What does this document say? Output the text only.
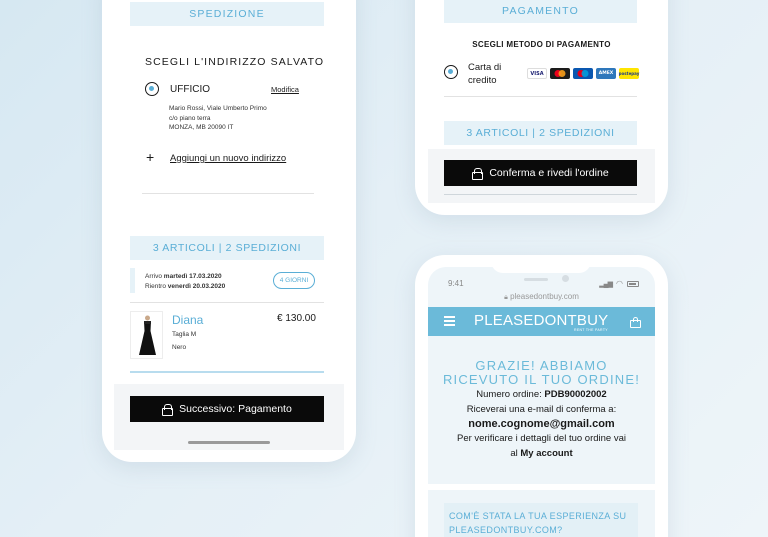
SPEDIZIONE
SCEGLI L'INDIRIZZO SALVATO
UFFICIO	Modifica
Mario Rossi, Viale Umberto Primo
c/o piano terra
MONZA, MB 20090 IT
+ Aggiungi un nuovo indirizzo
3 ARTICOLI | 2 SPEDIZIONI
Arrivo martedì 17.03.2020
Rientro venerdì 20.03.2020
4 GIORNI
Diana
Taglia M
Nero
€ 130.00
Successivo: Pagamento
PAGAMENTO
SCEGLI METODO DI PAGAMENTO
Carta di
credito
VISA	AMEX	postepay
3 ARTICOLI | 2 SPEDIZIONI
Conferma e rivedi l'ordine
9:41	▂▄▆ ◠
🔒︎ pleasedontbuy.com
PLEASEDONTBUY
RENT THE PARTY
GRAZIE! ABBIAMO
RICEVUTO IL TUO ORDINE!
Numero ordine: PDB90002002
Riceverai una e-mail di conferma a:
nome.cognome@gmail.com
Per verificare i dettagli del tuo ordine vai
al My account
COM'È STATA LA TUA ESPERIENZA SU
PLEASEDONTBUY.COM?
